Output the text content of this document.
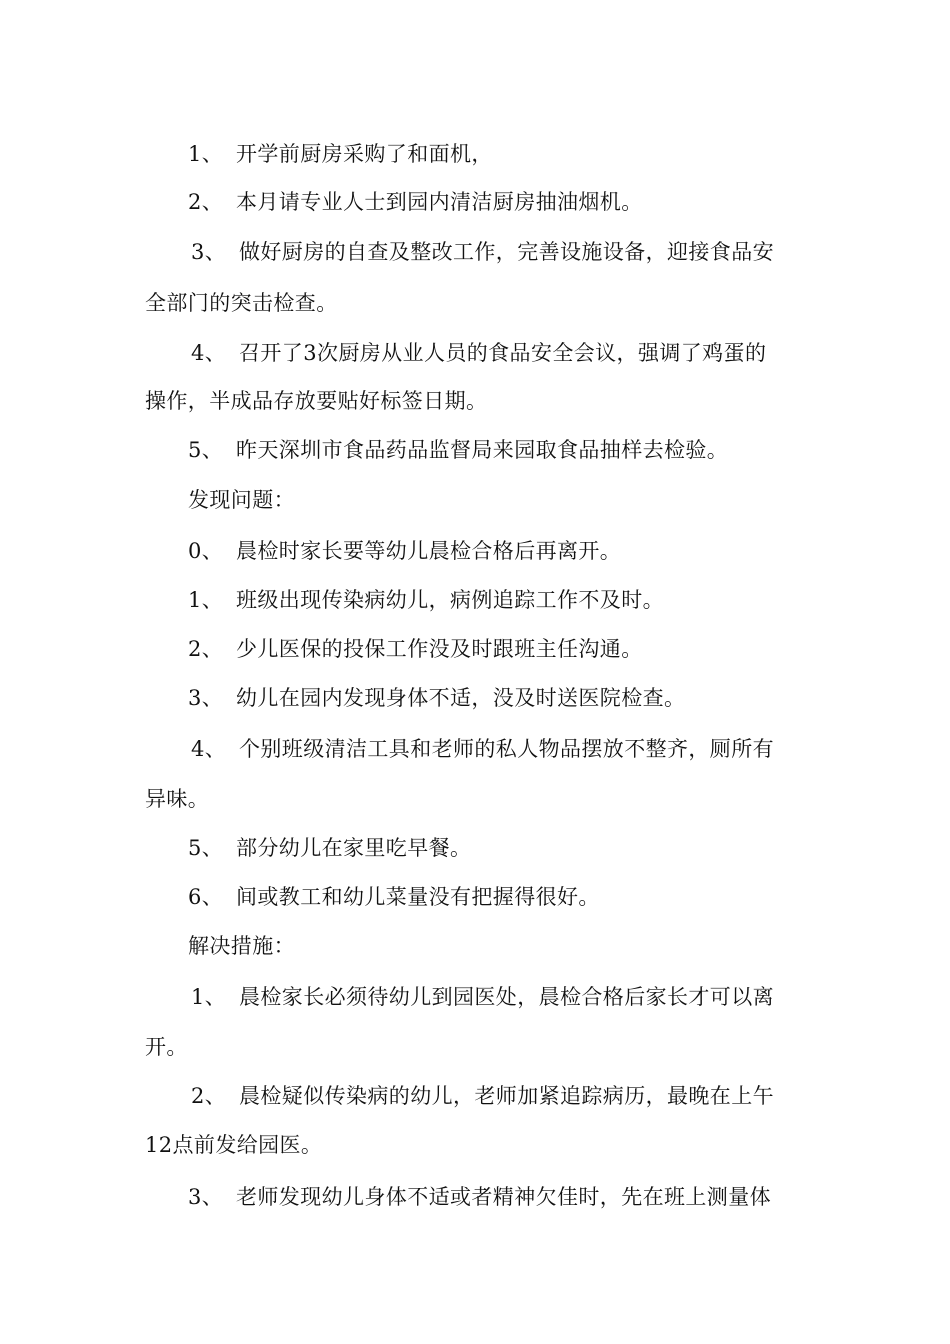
1、 开学前厨房采购了和面机，
2、 本月请专业人士到园内清洁厨房抽油烟机。
3、 做好厨房的自查及整改工作，完善设施设备，迎接食品安
全部门的突击检查。
4、 召开了3次厨房从业人员的食品安全会议，强调了鸡蛋的
操作，半成品存放要贴好标签日期。
5、 昨天深圳市食品药品监督局来园取食品抽样去检验。
发现问题：
0、 晨检时家长要等幼儿晨检合格后再离开。
1、 班级出现传染病幼儿，病例追踪工作不及时。
2、 少儿医保的投保工作没及时跟班主任沟通。
3、 幼儿在园内发现身体不适，没及时送医院检查。
4、 个别班级清洁工具和老师的私人物品摆放不整齐，厕所有
异味。
5、 部分幼儿在家里吃早餐。
6、 间或教工和幼儿菜量没有把握得很好。
解决措施：
1、 晨检家长必须待幼儿到园医处，晨检合格后家长才可以离
开。
2、 晨检疑似传染病的幼儿，老师加紧追踪病历，最晚在上午
12点前发给园医。
3、 老师发现幼儿身体不适或者精神欠佳时，先在班上测量体
